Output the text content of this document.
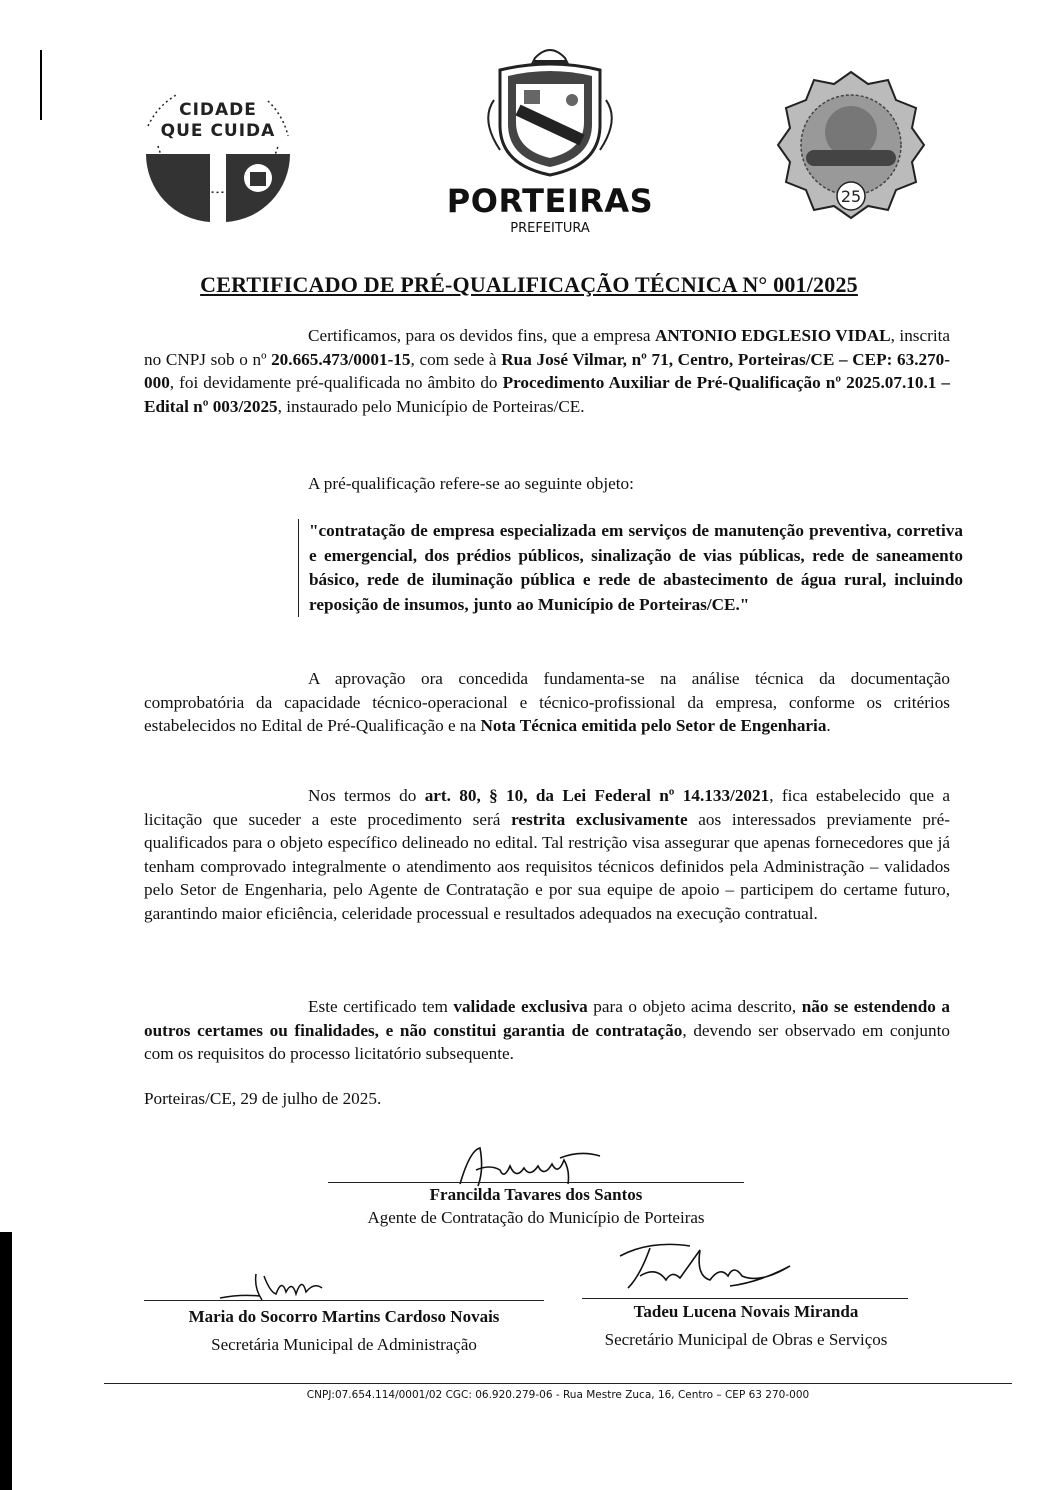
CIDADE
QUE CUIDA
PORTEIRAS
PREFEITURA
25
CERTIFICADO DE PRÉ-QUALIFICAÇÃO TÉCNICA N° 001/2025
Certificamos, para os devidos fins, que a empresa ANTONIO EDGLESIO VIDAL, inscrita no CNPJ sob o nº 20.665.473/0001-15, com sede à Rua José Vilmar, nº 71, Centro, Porteiras/CE – CEP: 63.270-000, foi devidamente pré-qualificada no âmbito do Procedimento Auxiliar de Pré-Qualificação nº 2025.07.10.1 – Edital nº 003/2025, instaurado pelo Município de Porteiras/CE.
A pré-qualificação refere-se ao seguinte objeto:
"contratação de empresa especializada em serviços de manutenção preventiva, corretiva e emergencial, dos prédios públicos, sinalização de vias públicas, rede de saneamento básico, rede de iluminação pública e rede de abastecimento de água rural, incluindo reposição de insumos, junto ao Município de Porteiras/CE."
A aprovação ora concedida fundamenta-se na análise técnica da documentação comprobatória da capacidade técnico-operacional e técnico-profissional da empresa, conforme os critérios estabelecidos no Edital de Pré-Qualificação e na Nota Técnica emitida pelo Setor de Engenharia.
Nos termos do art. 80, § 10, da Lei Federal nº 14.133/2021, fica estabelecido que a licitação que suceder a este procedimento será restrita exclusivamente aos interessados previamente pré-qualificados para o objeto específico delineado no edital. Tal restrição visa assegurar que apenas fornecedores que já tenham comprovado integralmente o atendimento aos requisitos técnicos definidos pela Administração – validados pelo Setor de Engenharia, pelo Agente de Contratação e por sua equipe de apoio – participem do certame futuro, garantindo maior eficiência, celeridade processual e resultados adequados na execução contratual.
Este certificado tem validade exclusiva para o objeto acima descrito, não se estendendo a outros certames ou finalidades, e não constitui garantia de contratação, devendo ser observado em conjunto com os requisitos do processo licitatório subsequente.
Porteiras/CE, 29 de julho de 2025.
Francilda Tavares dos Santos
Agente de Contratação do Município de Porteiras
Maria do Socorro Martins Cardoso Novais
Secretária Municipal de Administração
Tadeu Lucena Novais Miranda
Secretário Municipal de Obras e Serviços
CNPJ:07.654.114/0001/02 CGC: 06.920.279-06 - Rua Mestre Zuca, 16, Centro – CEP 63 270-000
